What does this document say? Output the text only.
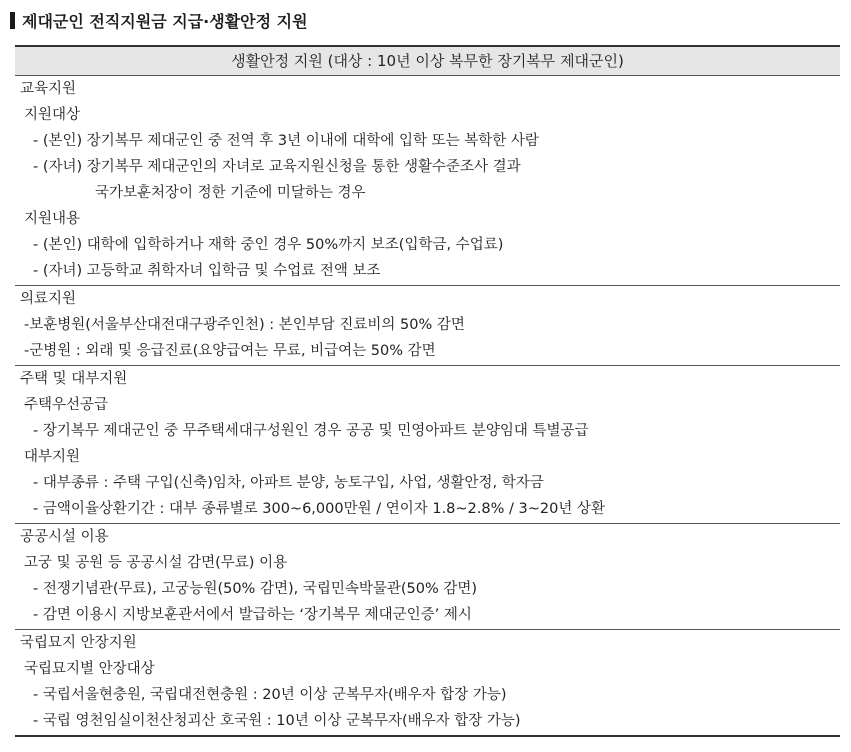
제대군인 전직지원금 지급·생활안정 지원
생활안정 지원 (대상 : 10년 이상 복무한 장기복무 제대군인)
교육지원
지원대상
- (본인) 장기복무 제대군인 중 전역 후 3년 이내에 대학에 입학 또는 복학한 사람
- (자녀) 장기복무 제대군인의 자녀로 교육지원신청을 통한 생활수준조사 결과
국가보훈처장이 정한 기준에 미달하는 경우
지원내용
- (본인) 대학에 입학하거나 재학 중인 경우 50%까지 보조(입학금, 수업료)
- (자녀) 고등학교 취학자녀 입학금 및 수업료 전액 보조
의료지원
-보훈병원(서울부산대전대구광주인천) : 본인부담 진료비의 50% 감면
-군병원 : 외래 및 응급진료(요양급여는 무료, 비급여는 50% 감면
주택 및 대부지원
주택우선공급
- 장기복무 제대군인 중 무주택세대구성원인 경우 공공 및 민영아파트 분양임대 특별공급
대부지원
- 대부종류 : 주택 구입(신축)임차, 아파트 분양, 농토구입, 사업, 생활안정, 학자금
- 금액이율상환기간 : 대부 종류별로 300~6,000만원 / 연이자 1.8~2.8% / 3~20년 상환
공공시설 이용
고궁 및 공원 등 공공시설 감면(무료) 이용
- 전쟁기념관(무료), 고궁능원(50% 감면), 국립민속박물관(50% 감면)
- 감면 이용시 지방보훈관서에서 발급하는 ‘장기복무 제대군인증’ 제시
국립묘지 안장지원
국립묘지별 안장대상
- 국립서울현충원, 국립대전현충원 : 20년 이상 군복무자(배우자 합장 가능)
- 국립 영천임실이천산청괴산 호국원 : 10년 이상 군복무자(배우자 합장 가능)
